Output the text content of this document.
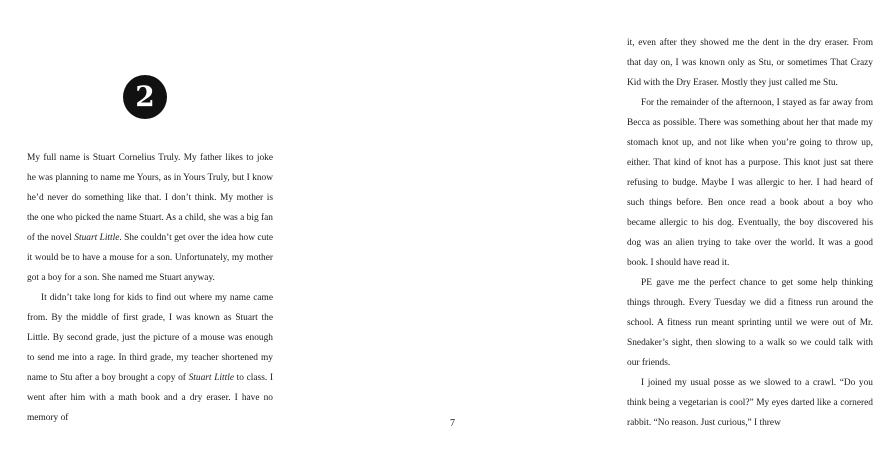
2

My full name is Stuart Cornelius Truly. My father likes to joke he was planning to name me Yours, as in Yours Truly, but I know he’d never do something like that. I don’t think. My mother is the one who picked the name Stuart. As a child, she was a big fan of the novel Stuart Little. She couldn’t get over the idea how cute it would be to have a mouse for a son. Unfortunately, my mother got a boy for a son. She named me Stuart anyway.

It didn’t take long for kids to find out where my name came from. By the middle of first grade, I was known as Stuart the Little. By second grade, just the picture of a mouse was enough to send me into a rage. In third grade, my teacher shortened my name to Stu after a boy brought a copy of Stuart Little to class. I went after him with a math book and a dry eraser. I have no memory of

it, even after they showed me the dent in the dry eraser. From that day on, I was known only as Stu, or sometimes That Crazy Kid with the Dry Eraser. Mostly they just called me Stu.

For the remainder of the afternoon, I stayed as far away from Becca as possible. There was something about her that made my stomach knot up, and not like when you’re going to throw up, either. That kind of knot has a purpose. This knot just sat there refusing to budge. Maybe I was allergic to her. I had heard of such things before. Ben once read a book about a boy who became allergic to his dog. Eventually, the boy discovered his dog was an alien trying to take over the world. It was a good book. I should have read it.

PE gave me the perfect chance to get some help thinking things through. Every Tuesday we did a fitness run around the school. A fitness run meant sprinting until we were out of Mr. Snedaker’s sight, then slowing to a walk so we could talk with our friends.

I joined my usual posse as we slowed to a crawl. “Do you think being a vegetarian is cool?” My eyes darted like a cornered rabbit. “No reason. Just curious,” I threw

7
